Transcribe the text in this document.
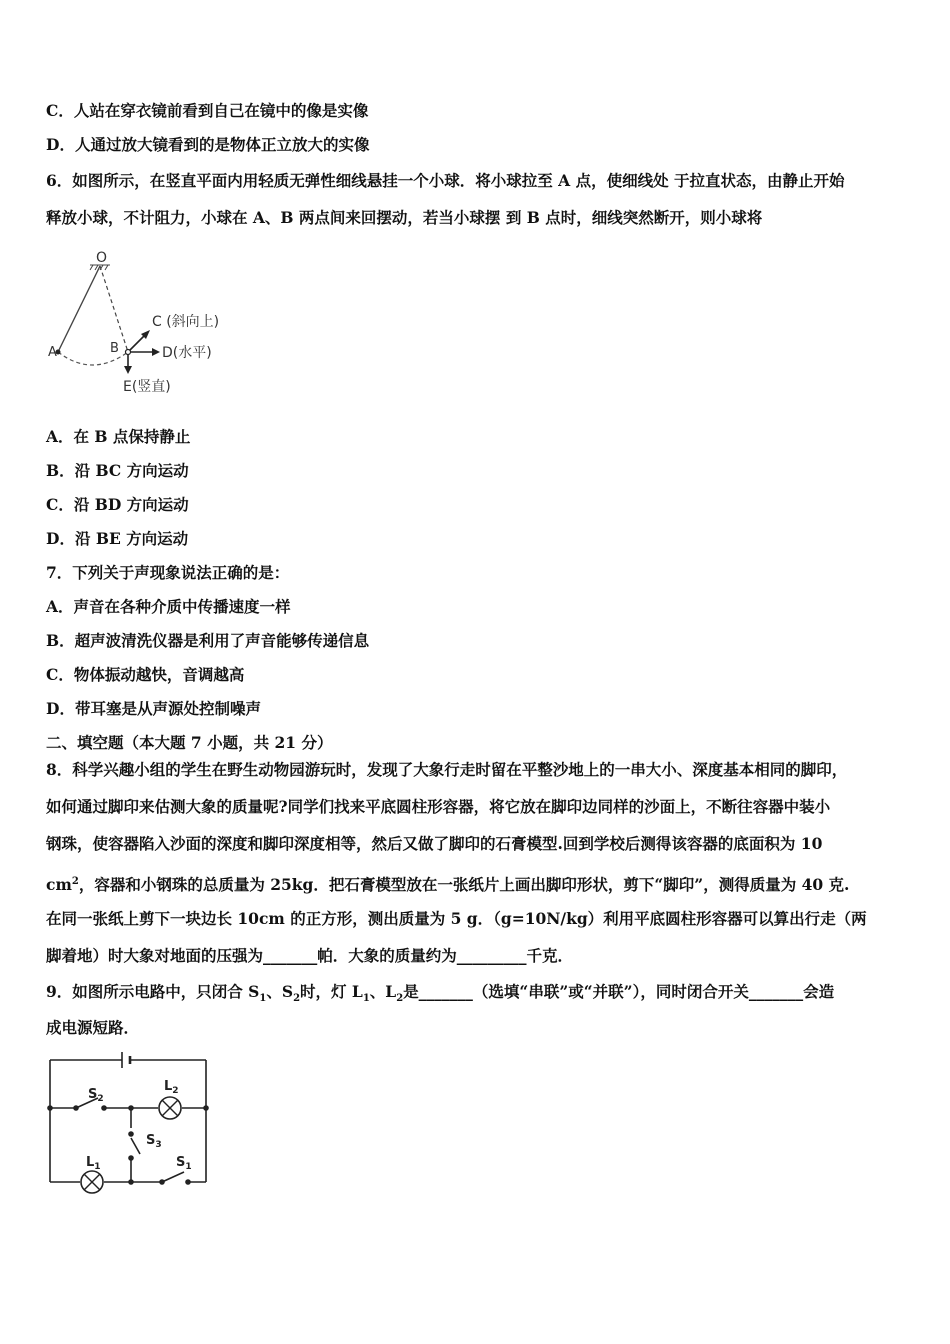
C．人站在穿衣镜前看到自己在镜中的像是实像
D．人通过放大镜看到的是物体正立放大的实像
6．如图所示，在竖直平面内用轻质无弹性细线悬挂一个小球．将小球拉至 A 点，使细线处 于拉直状态，由静止开始
释放小球，不计阻力，小球在 A、B 两点间来回摆动，若当小球摆 到 B 点时，细线突然断开，则小球将
O
A	B
C (斜向上)
D(水平)
E(竖直)
A．在 B 点保持静止
B．沿 BC 方向运动
C．沿 BD 方向运动
D．沿 BE 方向运动
7．下列关于声现象说法正确的是：
A．声音在各种介质中传播速度一样
B．超声波清洗仪器是利用了声音能够传递信息
C．物体振动越快，音调越高
D．带耳塞是从声源处控制噪声
二、填空题（本大题 7 小题，共 21 分）
8．科学兴趣小组的学生在野生动物园游玩时，发现了大象行走时留在平整沙地上的一串大小、深度基本相同的脚印，
如何通过脚印来估测大象的质量呢?同学们找来平底圆柱形容器，将它放在脚印边同样的沙面上，不断往容器中装小
钢珠，使容器陷入沙面的深度和脚印深度相等，然后又做了脚印的石膏模型.回到学校后测得该容器的底面积为 10
$cm^2$，容器和小钢珠的总质量为 25kg．把石膏模型放在一张纸片上画出脚印形状，剪下“脚印”，测得质量为 40 克.
在同一张纸上剪下一块边长 10cm 的正方形，测出质量为 5 g．（g=10N/kg）利用平底圆柱形容器可以算出行走（两
脚着地）时大象对地面的压强为_______帕．大象的质量约为_________千克．
9．如图所示电路中，只闭合 $S_1$、$S_2$时，灯 $L_1$、$L_2$是_______（选填“串联”或“并联”），同时闭合开关_______会造
成电源短路．
$S_2$
$L_2$
$S_3$
$L_1$	$S_1$
